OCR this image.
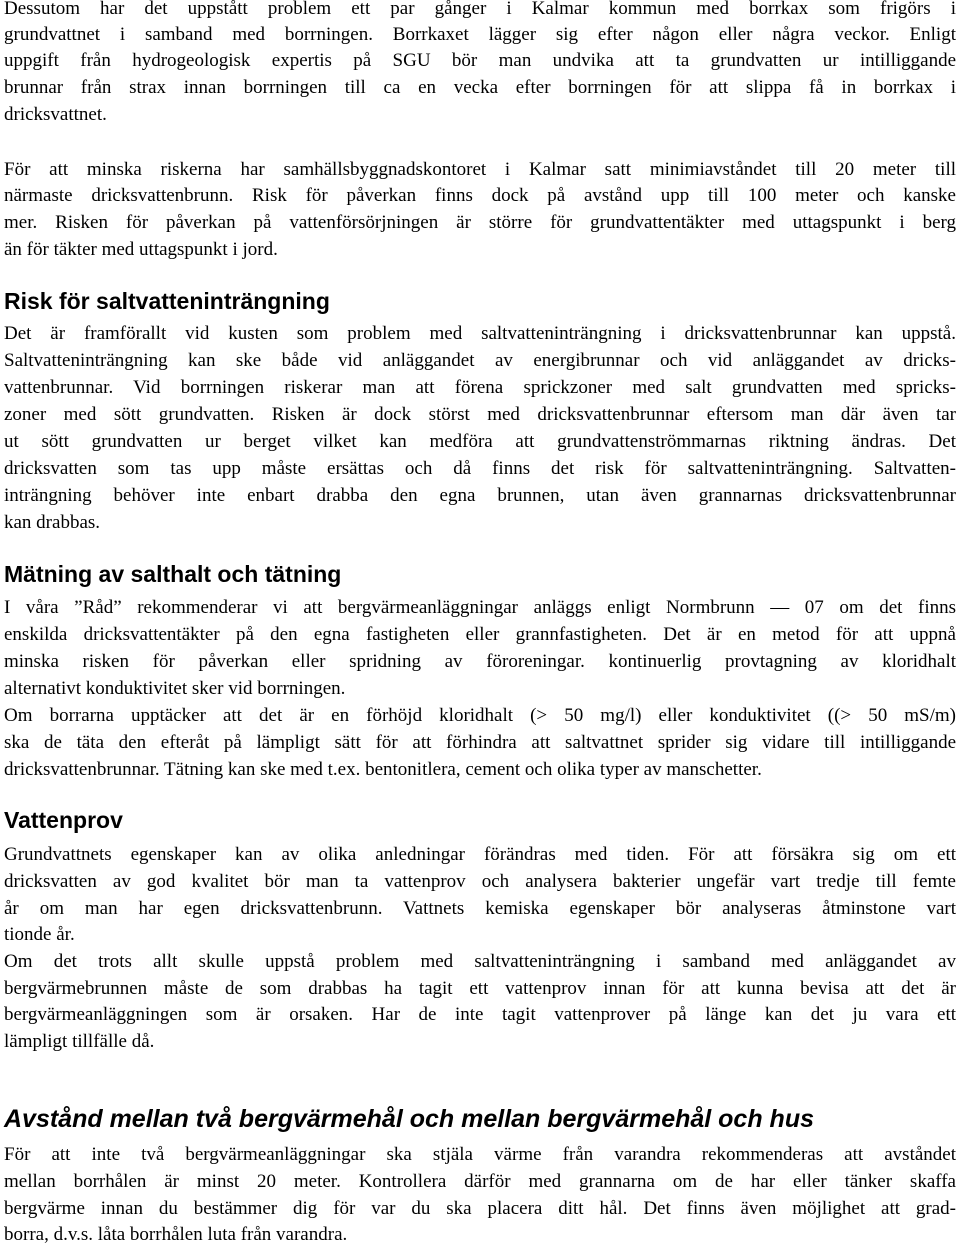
Dessutom har det uppstått problem ett par gånger i Kalmar kommun med borrkax som frigörs i
grundvattnet i samband med borrningen. Borrkaxet lägger sig efter någon eller några veckor. Enligt
uppgift från hydrogeologisk expertis på SGU bör man undvika att ta grundvatten ur intilliggande
brunnar från strax innan borrningen till ca en vecka efter borrningen för att slippa få in borrkax i
dricksvattnet.
För att minska riskerna har samhällsbyggnadskontoret i Kalmar satt minimiavståndet till 20 meter till
närmaste dricksvattenbrunn. Risk för påverkan finns dock på avstånd upp till 100 meter och kanske
mer. Risken för påverkan på vattenförsörjningen är större för grundvattentäkter med uttagspunkt i berg
än för täkter med uttagspunkt i jord.
Risk för saltvatteninträngning
Det är framförallt vid kusten som problem med saltvatteninträngning i dricksvattenbrunnar kan uppstå.
Saltvatteninträngning kan ske både vid anläggandet av energibrunnar och vid anläggandet av dricks-
vattenbrunnar. Vid borrningen riskerar man att förena sprickzoner med salt grundvatten med spricks-
zoner med sött grundvatten. Risken är dock störst med dricksvattenbrunnar eftersom man där även tar
ut sött grundvatten ur berget vilket kan medföra att grundvattenströmmarnas riktning ändras. Det
dricksvatten som tas upp måste ersättas och då finns det risk för saltvatteninträngning. Saltvatten-
inträngning behöver inte enbart drabba den egna brunnen, utan även grannarnas dricksvattenbrunnar
kan drabbas.
Mätning av salthalt och tätning
I våra ”Råd” rekommenderar vi att bergvärmeanläggningar anläggs enligt Normbrunn — 07 om det finns
enskilda dricksvattentäkter på den egna fastigheten eller grannfastigheten. Det är en metod för att uppnå
minska risken för påverkan eller spridning av föroreningar. kontinuerlig provtagning av kloridhalt
alternativt konduktivitet sker vid borrningen.
Om borrarna upptäcker att det är en förhöjd kloridhalt (> 50 mg/l) eller konduktivitet ((> 50 mS/m)
ska de täta den efteråt på lämpligt sätt för att förhindra att saltvattnet sprider sig vidare till intilliggande
dricksvattenbrunnar. Tätning kan ske med t.ex. bentonitlera, cement och olika typer av manschetter.
Vattenprov
Grundvattnets egenskaper kan av olika anledningar förändras med tiden. För att försäkra sig om ett
dricksvatten av god kvalitet bör man ta vattenprov och analysera bakterier ungefär vart tredje till femte
år om man har egen dricksvattenbrunn. Vattnets kemiska egenskaper bör analyseras åtminstone vart
tionde år.
Om det trots allt skulle uppstå problem med saltvatteninträngning i samband med anläggandet av
bergvärmebrunnen måste de som drabbas ha tagit ett vattenprov innan för att kunna bevisa att det är
bergvärmeanläggningen som är orsaken. Har de inte tagit vattenprover på länge kan det ju vara ett
lämpligt tillfälle då.
Avstånd mellan två bergvärmehål och mellan bergvärmehål och hus
För att inte två bergvärmeanläggningar ska stjäla värme från varandra rekommenderas att avståndet
mellan borrhålen är minst 20 meter. Kontrollera därför med grannarna om de har eller tänker skaffa
bergvärme innan du bestämmer dig för var du ska placera ditt hål. Det finns även möjlighet att grad-
borra, d.v.s. låta borrhålen luta från varandra.
